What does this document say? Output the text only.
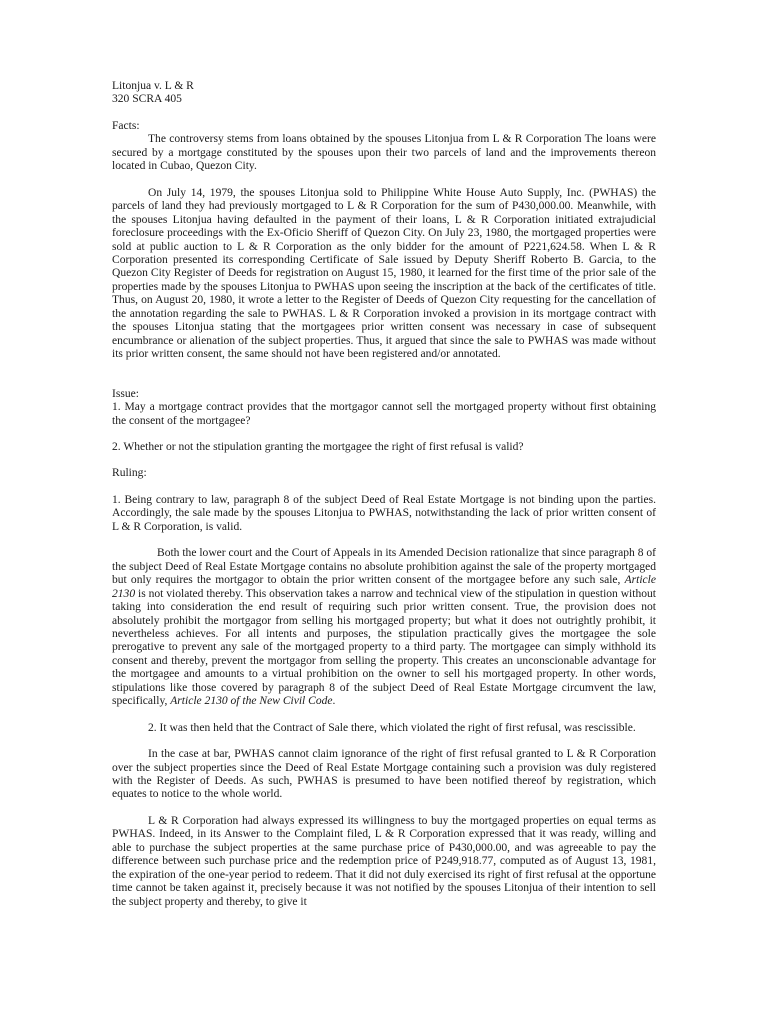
Litonjua v. L & R
320 SCRA 405
Facts:

The controversy stems from loans obtained by the spouses Litonjua from L & R Corporation The loans were secured by a mortgage constituted by the spouses upon their two parcels of land and the improvements thereon located in Cubao, Quezon City.

On July 14, 1979, the spouses Litonjua sold to Philippine White House Auto Supply, Inc. (PWHAS) the parcels of land they had previously mortgaged to L & R Corporation for the sum of P430,000.00. Meanwhile, with the spouses Litonjua having defaulted in the payment of their loans, L & R Corporation initiated extrajudicial foreclosure proceedings with the Ex-Oficio Sheriff of Quezon City. On July 23, 1980, the mortgaged properties were sold at public auction to L & R Corporation as the only bidder for the amount of P221,624.58. When L & R Corporation presented its corresponding Certificate of Sale issued by Deputy Sheriff Roberto B. Garcia, to the Quezon City Register of Deeds for registration on August 15, 1980, it learned for the first time of the prior sale of the properties made by the spouses Litonjua to PWHAS upon seeing the inscription at the back of the certificates of title. Thus, on August 20, 1980, it wrote a letter to the Register of Deeds of Quezon City requesting for the cancellation of the annotation regarding the sale to PWHAS. L & R Corporation invoked a provision in its mortgage contract with the spouses Litonjua stating that the mortgagees prior written consent was necessary in case of subsequent encumbrance or alienation of the subject properties. Thus, it argued that since the sale to PWHAS was made without its prior written consent, the same should not have been registered and/or annotated.

Issue:

1. May a mortgage contract provides that the mortgagor cannot sell the mortgaged property without first obtaining the consent of the mortgagee?

2. Whether or not the stipulation granting the mortgagee the right of first refusal is valid?

Ruling:

1. Being contrary to law, paragraph 8 of the subject Deed of Real Estate Mortgage is not binding upon the parties. Accordingly, the sale made by the spouses Litonjua to PWHAS, notwithstanding the lack of prior written consent of L & R Corporation, is valid.

Both the lower court and the Court of Appeals in its Amended Decision rationalize that since paragraph 8 of the subject Deed of Real Estate Mortgage contains no absolute prohibition against the sale of the property mortgaged but only requires the mortgagor to obtain the prior written consent of the mortgagee before any such sale, Article 2130 is not violated thereby. This observation takes a narrow and technical view of the stipulation in question without taking into consideration the end result of requiring such prior written consent. True, the provision does not absolutely prohibit the mortgagor from selling his mortgaged property; but what it does not outrightly prohibit, it nevertheless achieves. For all intents and purposes, the stipulation practically gives the mortgagee the sole prerogative to prevent any sale of the mortgaged property to a third party. The mortgagee can simply withhold its consent and thereby, prevent the mortgagor from selling the property. This creates an unconscionable advantage for the mortgagee and amounts to a virtual prohibition on the owner to sell his mortgaged property. In other words, stipulations like those covered by paragraph 8 of the subject Deed of Real Estate Mortgage circumvent the law, specifically, Article 2130 of the New Civil Code.

2. It was then held that the Contract of Sale there, which violated the right of first refusal, was rescissible.

In the case at bar, PWHAS cannot claim ignorance of the right of first refusal granted to L & R Corporation over the subject properties since the Deed of Real Estate Mortgage containing such a provision was duly registered with the Register of Deeds. As such, PWHAS is presumed to have been notified thereof by registration, which equates to notice to the whole world.

L & R Corporation had always expressed its willingness to buy the mortgaged properties on equal terms as PWHAS. Indeed, in its Answer to the Complaint filed, L & R Corporation expressed that it was ready, willing and able to purchase the subject properties at the same purchase price of P430,000.00, and was agreeable to pay the difference between such purchase price and the redemption price of P249,918.77, computed as of August 13, 1981, the expiration of the one-year period to redeem. That it did not duly exercised its right of first refusal at the opportune time cannot be taken against it, precisely because it was not notified by the spouses Litonjua of their intention to sell the subject property and thereby, to give it
